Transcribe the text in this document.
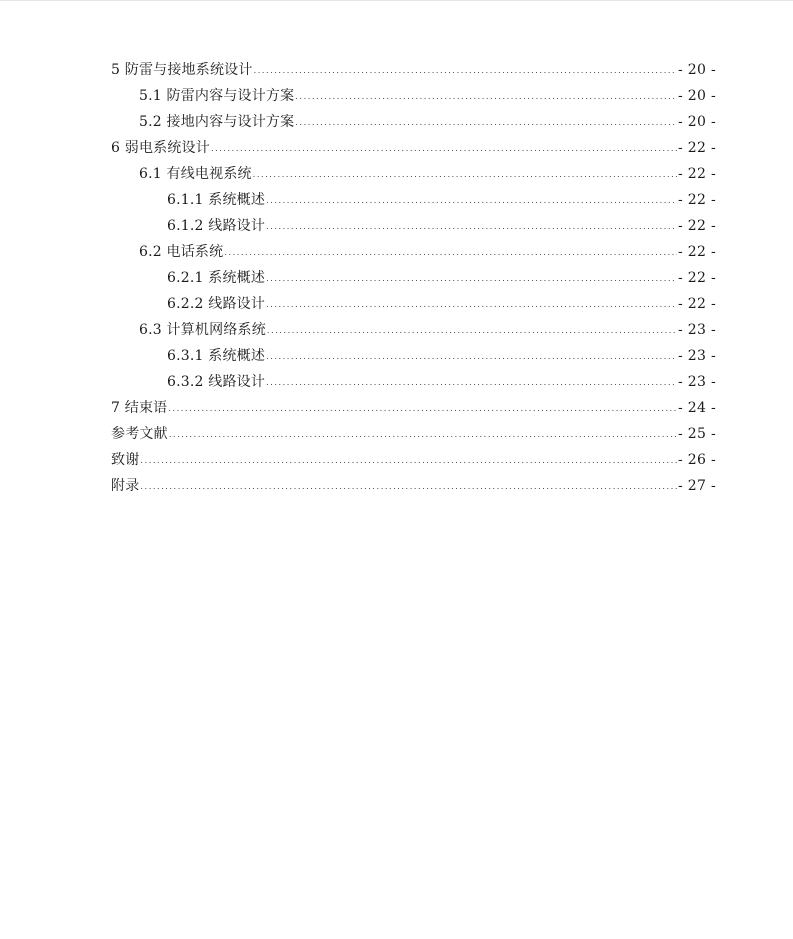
5 防雷与接地系统设计 .....	- 20 -
5.1 防雷内容与设计方案 .....	- 20 -
5.2 接地内容与设计方案 .....	- 20 -
6 弱电系统设计 .....	- 22 -
6.1 有线电视系统 .....	- 22 -
6.1.1 系统概述 .....	- 22 -
6.1.2 线路设计 .....	- 22 -
6.2 电话系统 .....	- 22 -
6.2.1 系统概述 .....	- 22 -
6.2.2 线路设计 .....	- 22 -
6.3 计算机网络系统 .....	- 23 -
6.3.1 系统概述 .....	- 23 -
6.3.2 线路设计 .....	- 23 -
7 结束语 .....	- 24 -
参考文献 .....	- 25 -
致谢 .....	- 26 -
附录 .....	- 27 -
